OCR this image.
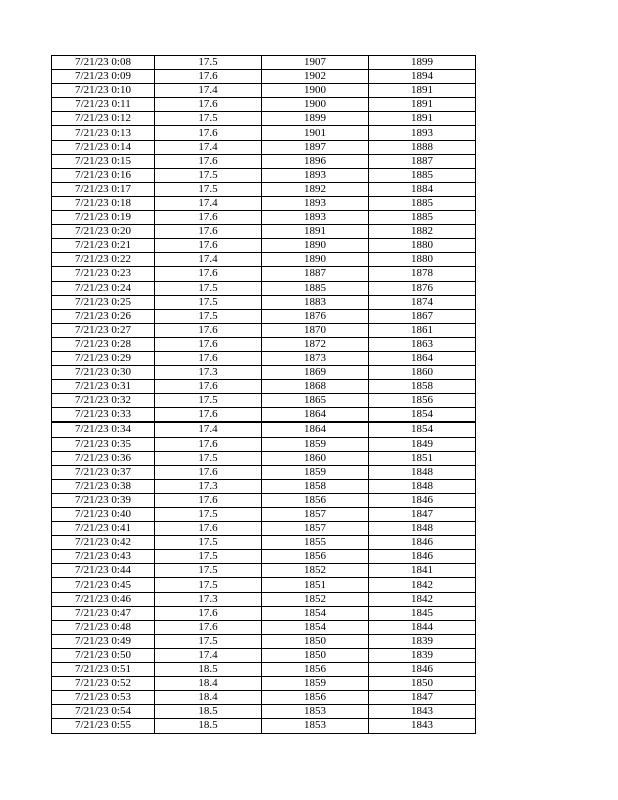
7/21/23 0:08	17.5	1907	1899
7/21/23 0:09	17.6	1902	1894
7/21/23 0:10	17.4	1900	1891
7/21/23 0:11	17.6	1900	1891
7/21/23 0:12	17.5	1899	1891
7/21/23 0:13	17.6	1901	1893
7/21/23 0:14	17.4	1897	1888
7/21/23 0:15	17.6	1896	1887
7/21/23 0:16	17.5	1893	1885
7/21/23 0:17	17.5	1892	1884
7/21/23 0:18	17.4	1893	1885
7/21/23 0:19	17.6	1893	1885
7/21/23 0:20	17.6	1891	1882
7/21/23 0:21	17.6	1890	1880
7/21/23 0:22	17.4	1890	1880
7/21/23 0:23	17.6	1887	1878
7/21/23 0:24	17.5	1885	1876
7/21/23 0:25	17.5	1883	1874
7/21/23 0:26	17.5	1876	1867
7/21/23 0:27	17.6	1870	1861
7/21/23 0:28	17.6	1872	1863
7/21/23 0:29	17.6	1873	1864
7/21/23 0:30	17.3	1869	1860
7/21/23 0:31	17.6	1868	1858
7/21/23 0:32	17.5	1865	1856
7/21/23 0:33	17.6	1864	1854
7/21/23 0:34	17.4	1864	1854
7/21/23 0:35	17.6	1859	1849
7/21/23 0:36	17.5	1860	1851
7/21/23 0:37	17.6	1859	1848
7/21/23 0:38	17.3	1858	1848
7/21/23 0:39	17.6	1856	1846
7/21/23 0:40	17.5	1857	1847
7/21/23 0:41	17.6	1857	1848
7/21/23 0:42	17.5	1855	1846
7/21/23 0:43	17.5	1856	1846
7/21/23 0:44	17.5	1852	1841
7/21/23 0:45	17.5	1851	1842
7/21/23 0:46	17.3	1852	1842
7/21/23 0:47	17.6	1854	1845
7/21/23 0:48	17.6	1854	1844
7/21/23 0:49	17.5	1850	1839
7/21/23 0:50	17.4	1850	1839
7/21/23 0:51	18.5	1856	1846
7/21/23 0:52	18.4	1859	1850
7/21/23 0:53	18.4	1856	1847
7/21/23 0:54	18.5	1853	1843
7/21/23 0:55	18.5	1853	1843
